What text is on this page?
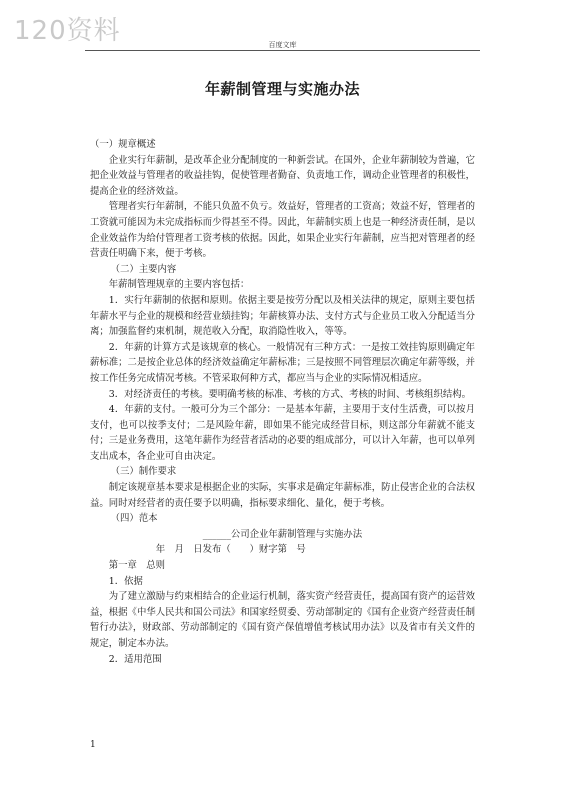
120资料	百度文库
年薪制管理与实施办法

（一）规章概述

企业实行年薪制，是改革企业分配制度的一种新尝试。在国外，企业年薪制较为普遍，它把企业效益与管理者的收益挂钩，促使管理者勤奋、负责地工作，调动企业管理者的积极性，提高企业的经济效益。

管理者实行年薪制，不能只负盈不负亏。效益好，管理者的工资高；效益不好，管理者的工资就可能因为未完成指标而少得甚至不得。因此，年薪制实质上也是一种经济责任制，是以企业效益作为给付管理者工资考核的依据。因此，如果企业实行年薪制，应当把对管理者的经营责任明确下来，便于考核。

（二）主要内容

年薪制管理规章的主要内容包括：

1．实行年薪制的依据和原则。依据主要是按劳分配以及相关法律的规定，原则主要包括年薪水平与企业的规模和经营业绩挂钩；年薪核算办法、支付方式与企业员工收入分配适当分离；加强监督约束机制，规范收入分配，取消隐性收入，等等。

2．年薪的计算方式是该规章的核心。一般情况有三种方式：一是按工效挂钩原则确定年薪标准；二是按企业总体的经济效益确定年薪标准；三是按照不同管理层次确定年薪等级，并按工作任务完成情况考核。不管采取何种方式，都应当与企业的实际情况相适应。

3．对经济责任的考核。要明确考核的标准、考核的方式、考核的时间、考核组织结构。

4．年薪的支付。一般可分为三个部分：一是基本年薪，主要用于支付生活费，可以按月支付，也可以按季支付；二是风险年薪，即如果不能完成经营目标，则这部分年薪就不能支付；三是业务费用，这笔年薪作为经营者活动的必要的组成部分，可以计入年薪，也可以单列支出成本，各企业可自由决定。

（三）制作要求

制定该规章基本要求是根据企业的实际，实事求是确定年薪标准，防止侵害企业的合法权益。同时对经营者的责任要予以明确，指标要求细化、量化，便于考核。

（四）范本

______公司企业年薪制管理与实施办法

年　月　日发布（　　）财字第　号

第一章　总则

1．依据

为了建立激励与约束相结合的企业运行机制，落实资产经营责任，提高国有资产的运营效益，根据《中华人民共和国公司法》和国家经贸委、劳动部制定的《国有企业资产经营责任制暂行办法》，财政部、劳动部制定的《国有资产保值增值考核试用办法》以及省市有关文件的规定，制定本办法。

2．适用范围

1
